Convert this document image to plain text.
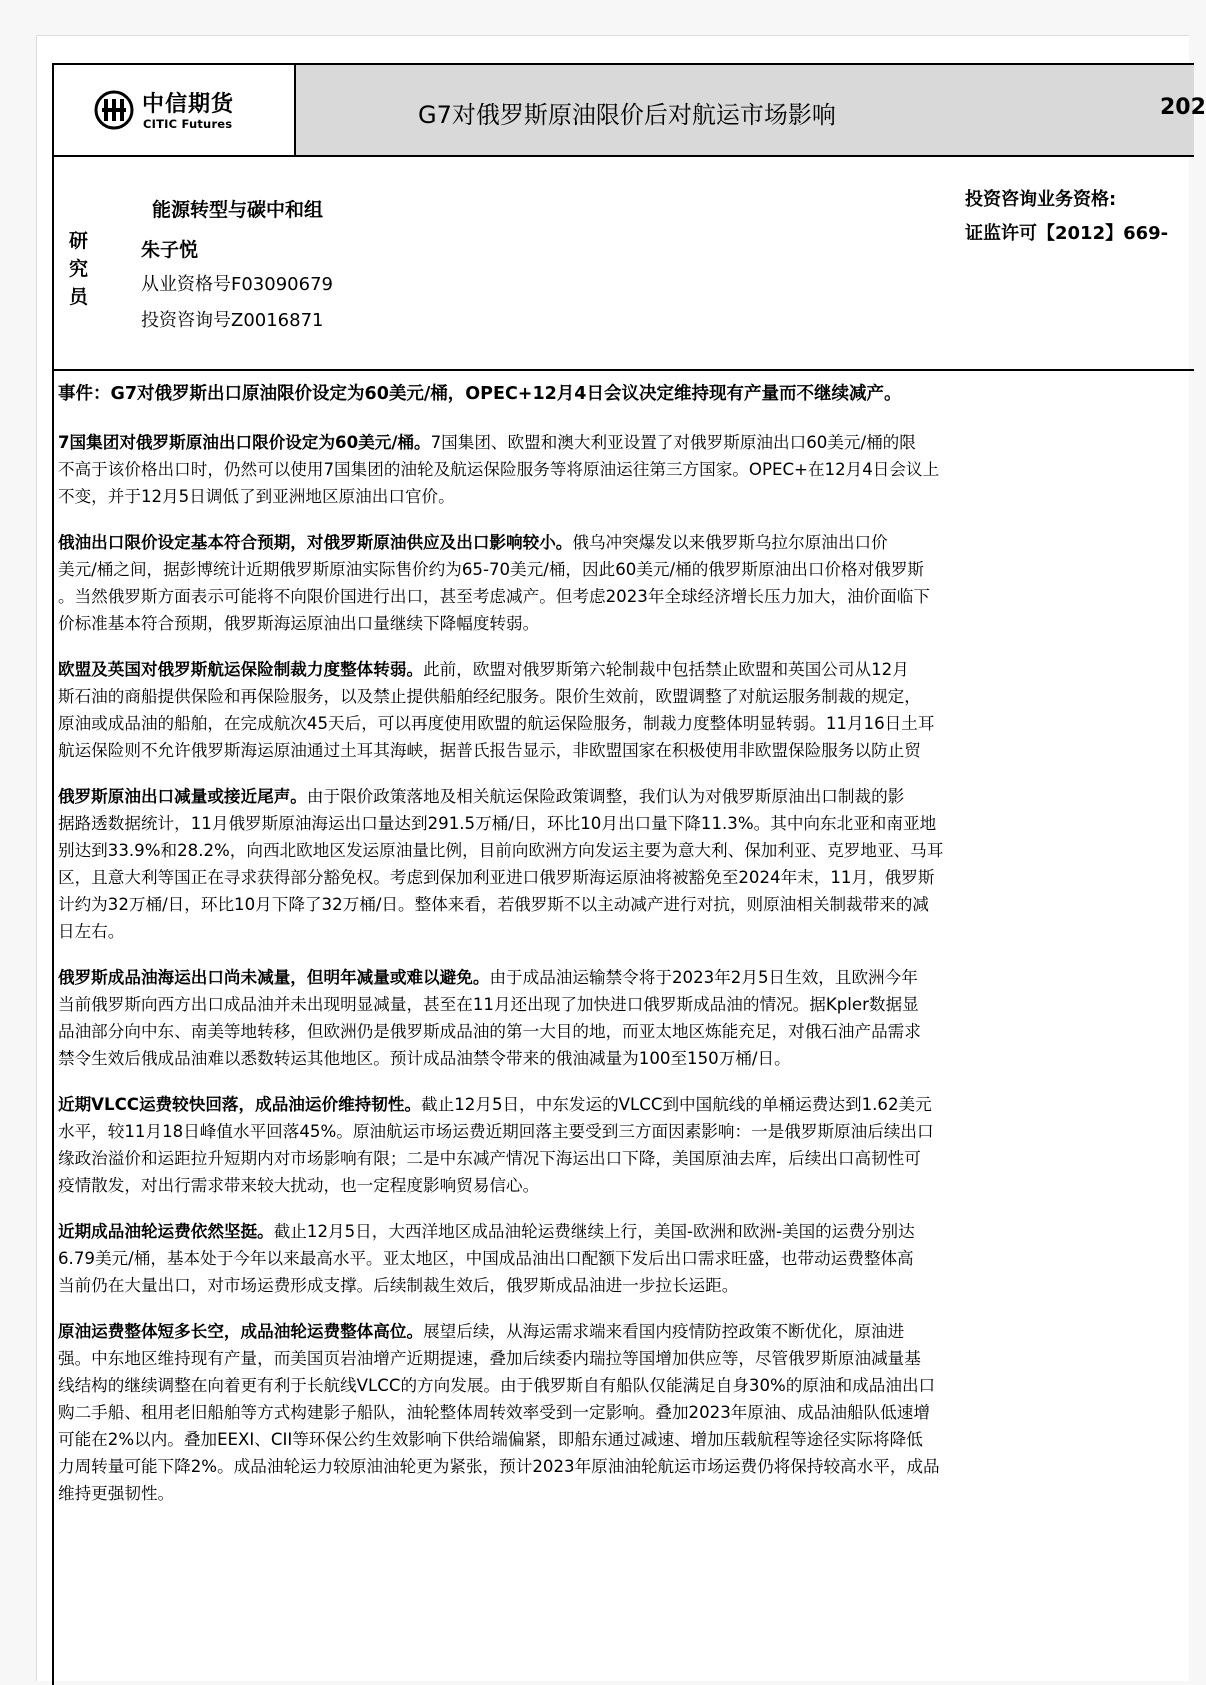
中信期货
CITIC Futures	G7对俄罗斯原油限价后对航运市场影响	202
研究员
能源转型与碳中和组
朱子悦
从业资格号F03090679
投资咨询号Z0016871
投资咨询业务资格:
证监许可【2012】669-
事件：G7对俄罗斯出口原油限价设定为60美元/桶，OPEC+12月4日会议决定维持现有产量而不继续减产。
7国集团对俄罗斯原油出口限价设定为60美元/桶。7国集团、欧盟和澳大利亚设置了对俄罗斯原油出口60美元/桶的限
不高于该价格出口时，仍然可以使用7国集团的油轮及航运保险服务等将原油运往第三方国家。OPEC+在12月4日会议上
不变，并于12月5日调低了到亚洲地区原油出口官价。
俄油出口限价设定基本符合预期，对俄罗斯原油供应及出口影响较小。俄乌冲突爆发以来俄罗斯乌拉尔原油出口价
美元/桶之间，据彭博统计近期俄罗斯原油实际售价约为65-70美元/桶，因此60美元/桶的俄罗斯原油出口价格对俄罗斯
。当然俄罗斯方面表示可能将不向限价国进行出口，甚至考虑减产。但考虑2023年全球经济增长压力加大，油价面临下
价标准基本符合预期，俄罗斯海运原油出口量继续下降幅度转弱。
欧盟及英国对俄罗斯航运保险制裁力度整体转弱。此前，欧盟对俄罗斯第六轮制裁中包括禁止欧盟和英国公司从12月
斯石油的商船提供保险和再保险服务，以及禁止提供船舶经纪服务。限价生效前，欧盟调整了对航运服务制裁的规定，
原油或成品油的船舶，在完成航次45天后，可以再度使用欧盟的航运保险服务，制裁力度整体明显转弱。11月16日土耳
航运保险则不允许俄罗斯海运原油通过土耳其海峡，据普氏报告显示，非欧盟国家在积极使用非欧盟保险服务以防止贸
俄罗斯原油出口减量或接近尾声。由于限价政策落地及相关航运保险政策调整，我们认为对俄罗斯原油出口制裁的影
据路透数据统计，11月俄罗斯原油海运出口量达到291.5万桶/日，环比10月出口量下降11.3%。其中向东北亚和南亚地
别达到33.9%和28.2%，向西北欧地区发运原油量比例，目前向欧洲方向发运主要为意大利、保加利亚、克罗地亚、马耳
区，且意大利等国正在寻求获得部分豁免权。考虑到保加利亚进口俄罗斯海运原油将被豁免至2024年末，11月，俄罗斯
计约为32万桶/日，环比10月下降了32万桶/日。整体来看，若俄罗斯不以主动减产进行对抗，则原油相关制裁带来的减
日左右。
俄罗斯成品油海运出口尚未减量，但明年减量或难以避免。由于成品油运输禁令将于2023年2月5日生效，且欧洲今年
当前俄罗斯向西方出口成品油并未出现明显减量，甚至在11月还出现了加快进口俄罗斯成品油的情况。据Kpler数据显
品油部分向中东、南美等地转移，但欧洲仍是俄罗斯成品油的第一大目的地，而亚太地区炼能充足，对俄石油产品需求
禁令生效后俄成品油难以悉数转运其他地区。预计成品油禁令带来的俄油减量为100至150万桶/日。
近期VLCC运费较快回落，成品油运价维持韧性。截止12月5日，中东发运的VLCC到中国航线的单桶运费达到1.62美元
水平，较11月18日峰值水平回落45%。原油航运市场运费近期回落主要受到三方面因素影响：一是俄罗斯原油后续出口
缘政治溢价和运距拉升短期内对市场影响有限；二是中东减产情况下海运出口下降，美国原油去库，后续出口高韧性可
疫情散发，对出行需求带来较大扰动，也一定程度影响贸易信心。
近期成品油轮运费依然坚挺。截止12月5日，大西洋地区成品油轮运费继续上行，美国-欧洲和欧洲-美国的运费分别达
6.79美元/桶，基本处于今年以来最高水平。亚太地区，中国成品油出口配额下发后出口需求旺盛，也带动运费整体高
当前仍在大量出口，对市场运费形成支撑。后续制裁生效后，俄罗斯成品油进一步拉长运距。
原油运费整体短多长空，成品油轮运费整体高位。展望后续，从海运需求端来看国内疫情防控政策不断优化，原油进
强。中东地区维持现有产量，而美国页岩油增产近期提速，叠加后续委内瑞拉等国增加供应等，尽管俄罗斯原油减量基
线结构的继续调整在向着更有利于长航线VLCC的方向发展。由于俄罗斯自有船队仅能满足自身30%的原油和成品油出口
购二手船、租用老旧船舶等方式构建影子船队，油轮整体周转效率受到一定影响。叠加2023年原油、成品油船队低速增
可能在2%以内。叠加EEXI、CII等环保公约生效影响下供给端偏紧，即船东通过减速、增加压载航程等途径实际将降低
力周转量可能下降2%。成品油轮运力较原油油轮更为紧张，预计2023年原油油轮航运市场运费仍将保持较高水平，成品
维持更强韧性。
